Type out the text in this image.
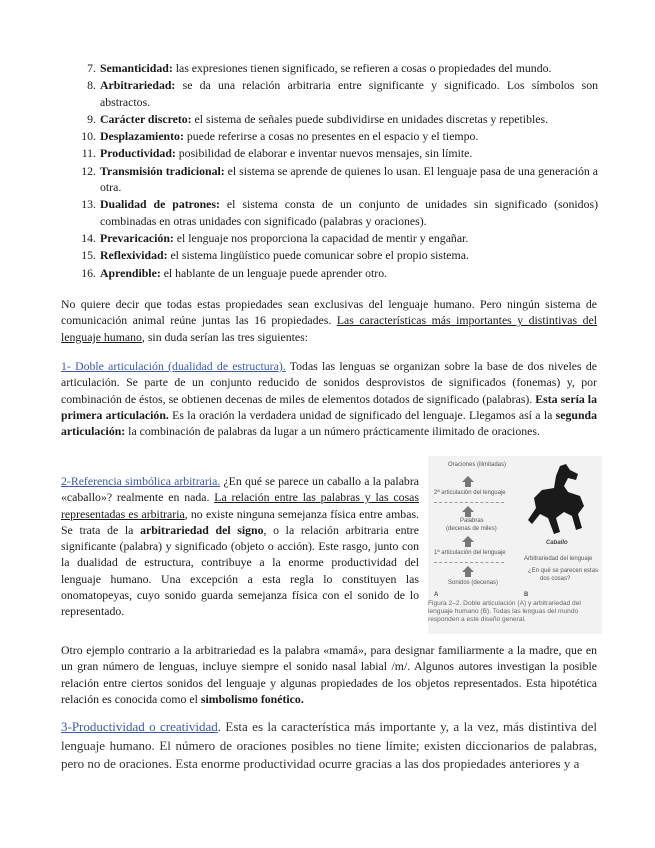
7. Semanticidad: las expresiones tienen significado, se refieren a cosas o propiedades del mundo.
8. Arbitrariedad: se da una relación arbitraria entre significante y significado. Los símbolos son abstractos.
9. Carácter discreto: el sistema de señales puede subdividirse en unidades discretas y repetibles.
10. Desplazamiento: puede referirse a cosas no presentes en el espacio y el tiempo.
11. Productividad: posibilidad de elaborar e inventar nuevos mensajes, sin límite.
12. Transmisión tradicional: el sistema se aprende de quienes lo usan. El lenguaje pasa de una generación a otra.
13. Dualidad de patrones: el sistema consta de un conjunto de unidades sin significado (sonidos) combinadas en otras unidades con significado (palabras y oraciones).
14. Prevaricación: el lenguaje nos proporciona la capacidad de mentir y engañar.
15. Reflexividad: el sistema lingüístico puede comunicar sobre el propio sistema.
16. Aprendible: el hablante de un lenguaje puede aprender otro.

No quiere decir que todas estas propiedades sean exclusivas del lenguaje humano. Pero ningún sistema de comunicación animal reúne juntas las 16 propiedades. Las características más importantes y distintivas del lenguaje humano, sin duda serían las tres siguientes:

1- Doble articulación (dualidad de estructura). Todas las lenguas se organizan sobre la base de dos niveles de articulación. Se parte de un conjunto reducido de sonidos desprovistos de significados (fonemas) y, por combinación de éstos, se obtienen decenas de miles de elementos dotados de significado (palabras). Esta sería la primera articulación. Es la oración la verdadera unidad de significado del lenguaje. Llegamos así a la segunda articulación: la combinación de palabras da lugar a un número prácticamente ilimitado de oraciones.

2-Referencia simbólica arbitraria. ¿En qué se parece un caballo a la palabra «caballo»? realmente en nada. La relación entre las palabras y las cosas representadas es arbitraria, no existe ninguna semejanza física entre ambas. Se trata de la arbitrariedad del signo, o la relación arbitraria entre significante (palabra) y significado (objeto o acción). Este rasgo, junto con la dualidad de estructura, contribuye a la enorme productividad del lenguaje humano. Una excepción a esta regla lo constituyen las onomatopeyas, cuyo sonido guarda semejanza física con el sonido de lo representado.

Oraciones (ilimitadas)
2ª articulación del lenguaje
Palabras
(decenas de miles)
1ª articulación del lenguaje
Sonidos (decenas)
A
Caballo
Arbitrariedad del lenguaje
¿En qué se parecen estas
dos cosas?
B
Figura 2–2. Doble articulación (A) y arbitrariedad del lenguaje humano (B). Todas las lenguas del mundo responden a este diseño general.

Otro ejemplo contrario a la arbitrariedad es la palabra «mamá», para designar familiarmente a la madre, que en un gran número de lenguas, incluye siempre el sonido nasal labial /m/. Algunos autores investigan la posible relación entre ciertos sonidos del lenguaje y algunas propiedades de los objetos representados. Esta hipotética relación es conocida como el simbolismo fonético.

3-Productividad o creatividad. Esta es la característica más importante y, a la vez, más distintiva del lenguaje humano. El número de oraciones posibles no tiene límite; existen diccionarios de palabras, pero no de oraciones. Esta enorme productividad ocurre gracias a las dos propiedades anteriores y a
